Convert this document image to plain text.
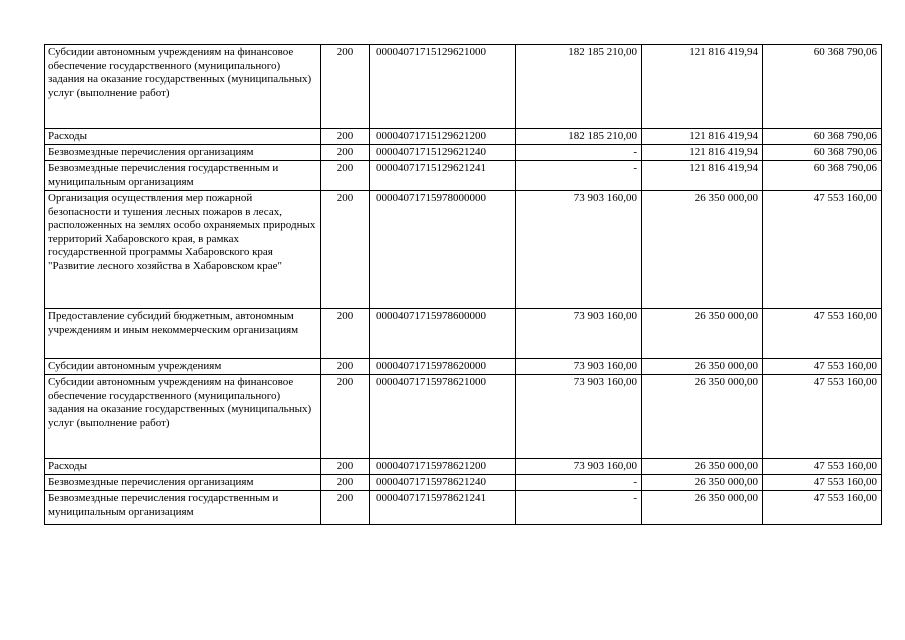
Субсидии автономным учреждениям на финансовое обеспечение государственного (муниципального) задания на оказание государственных (муниципальных) услуг (выполнение работ)	200	00004071715129621000	182 185 210,00	121 816 419,94	60 368 790,06
Расходы	200	00004071715129621200	182 185 210,00	121 816 419,94	60 368 790,06
Безвозмездные перечисления организациям	200	00004071715129621240	-	121 816 419,94	60 368 790,06
Безвозмездные перечисления государственным и муниципальным организациям	200	00004071715129621241	-	121 816 419,94	60 368 790,06
Организация осуществления мер пожарной безопасности и тушения лесных пожаров в лесах, расположенных на землях особо охраняемых природных территорий Хабаровского края, в рамках государственной программы Хабаровского края "Развитие лесного хозяйства в Хабаровском крае"	200	00004071715978000000	73 903 160,00	26 350 000,00	47 553 160,00
Предоставление субсидий бюджетным, автономным учреждениям и иным некоммерческим организациям	200	00004071715978600000	73 903 160,00	26 350 000,00	47 553 160,00
Субсидии автономным учреждениям	200	00004071715978620000	73 903 160,00	26 350 000,00	47 553 160,00
Субсидии автономным учреждениям на финансовое обеспечение государственного (муниципального) задания на оказание государственных (муниципальных) услуг (выполнение работ)	200	00004071715978621000	73 903 160,00	26 350 000,00	47 553 160,00
Расходы	200	00004071715978621200	73 903 160,00	26 350 000,00	47 553 160,00
Безвозмездные перечисления организациям	200	00004071715978621240	-	26 350 000,00	47 553 160,00
Безвозмездные перечисления государственным и муниципальным организациям	200	00004071715978621241	-	26 350 000,00	47 553 160,00
